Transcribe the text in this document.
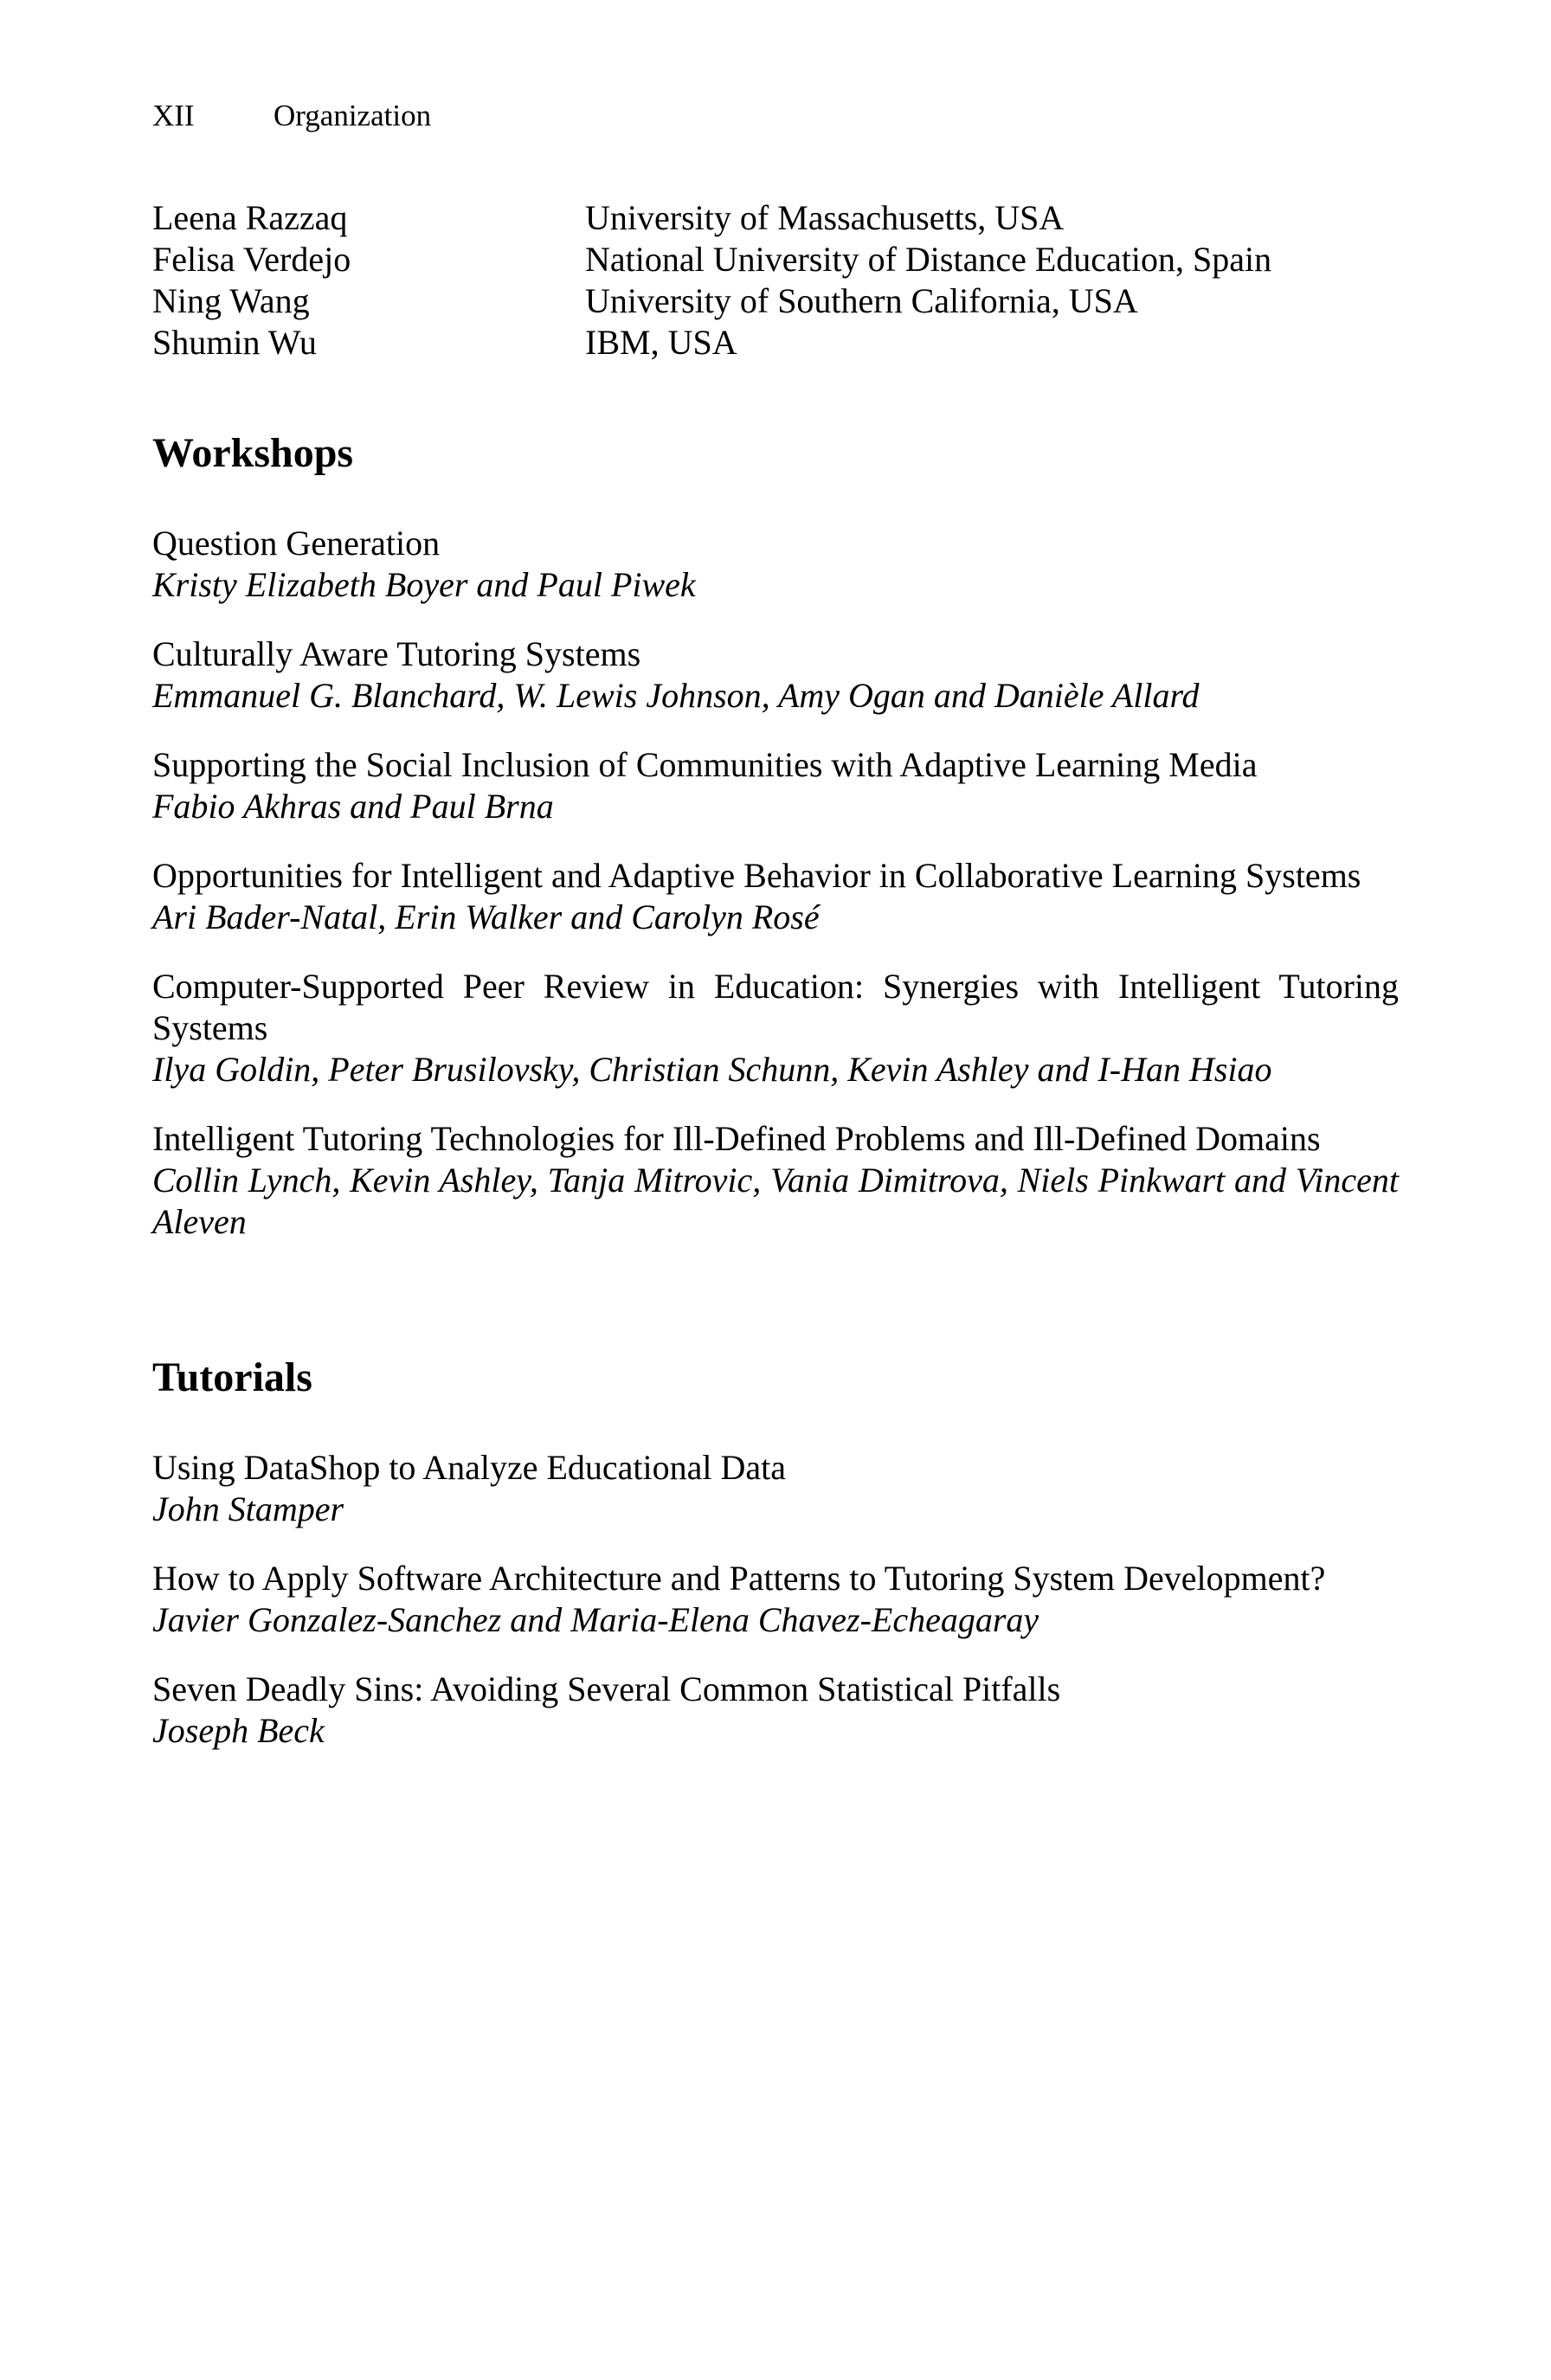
XII	Organization
Leena Razzaq	University of Massachusetts, USA
Felisa Verdejo	National University of Distance Education, Spain
Ning Wang	University of Southern California, USA
Shumin Wu	IBM, USA
Workshops
Question Generation
Kristy Elizabeth Boyer and Paul Piwek
Culturally Aware Tutoring Systems
Emmanuel G. Blanchard, W. Lewis Johnson, Amy Ogan and Danièle Allard
Supporting the Social Inclusion of Communities with Adaptive Learning Media
Fabio Akhras and Paul Brna
Opportunities for Intelligent and Adaptive Behavior in Collaborative Learning Systems
Ari Bader-Natal, Erin Walker and Carolyn Rosé
Computer-Supported Peer Review in Education: Synergies with Intelligent Tutoring Systems
Ilya Goldin, Peter Brusilovsky, Christian Schunn, Kevin Ashley and I-Han Hsiao
Intelligent Tutoring Technologies for Ill-Defined Problems and Ill-Defined Domains
Collin Lynch, Kevin Ashley, Tanja Mitrovic, Vania Dimitrova, Niels Pinkwart and Vincent Aleven
Tutorials
Using DataShop to Analyze Educational Data
John Stamper
How to Apply Software Architecture and Patterns to Tutoring System Development?
Javier Gonzalez-Sanchez and Maria-Elena Chavez-Echeagaray
Seven Deadly Sins: Avoiding Several Common Statistical Pitfalls
Joseph Beck
